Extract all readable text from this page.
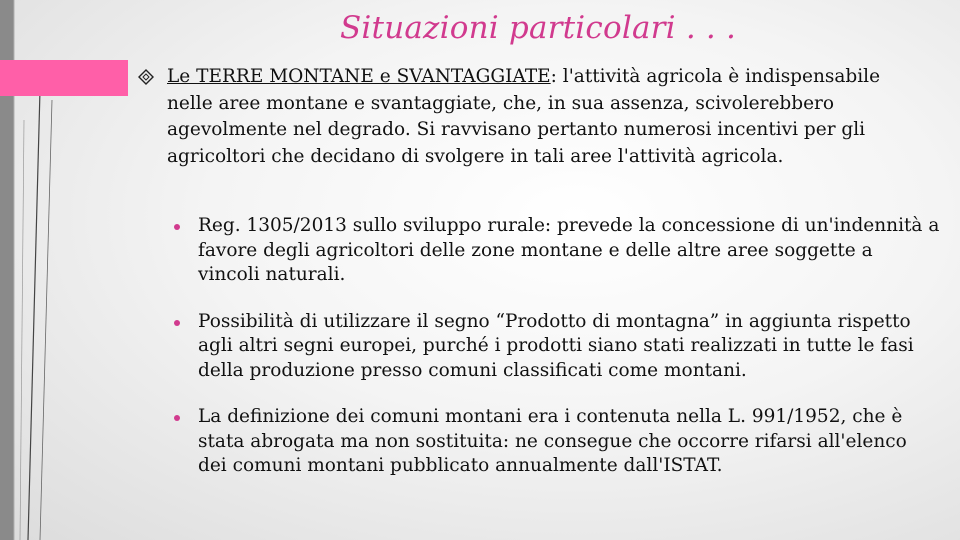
Situazioni particolari . . .
Le TERRE MONTANE e SVANTAGGIATE: l'attività agricola è indispensabile nelle aree montane e svantaggiate, che, in sua assenza, scivolerebbero agevolmente nel degrado. Si ravvisano pertanto numerosi incentivi per gli agricoltori che decidano di svolgere in tali aree l'attività agricola.
Reg. 1305/2013 sullo sviluppo rurale: prevede la concessione di un'indennità a favore degli agricoltori delle zone montane e delle altre aree soggette a vincoli naturali.
Possibilità di utilizzare il segno “Prodotto di montagna” in aggiunta rispetto agli altri segni europei, purché i prodotti siano stati realizzati in tutte le fasi della produzione presso comuni classificati come montani.
La definizione dei comuni montani era i contenuta nella L. 991/1952, che è stata abrogata ma non sostituita: ne consegue che occorre rifarsi all'elenco dei comuni montani pubblicato annualmente dall'ISTAT.
